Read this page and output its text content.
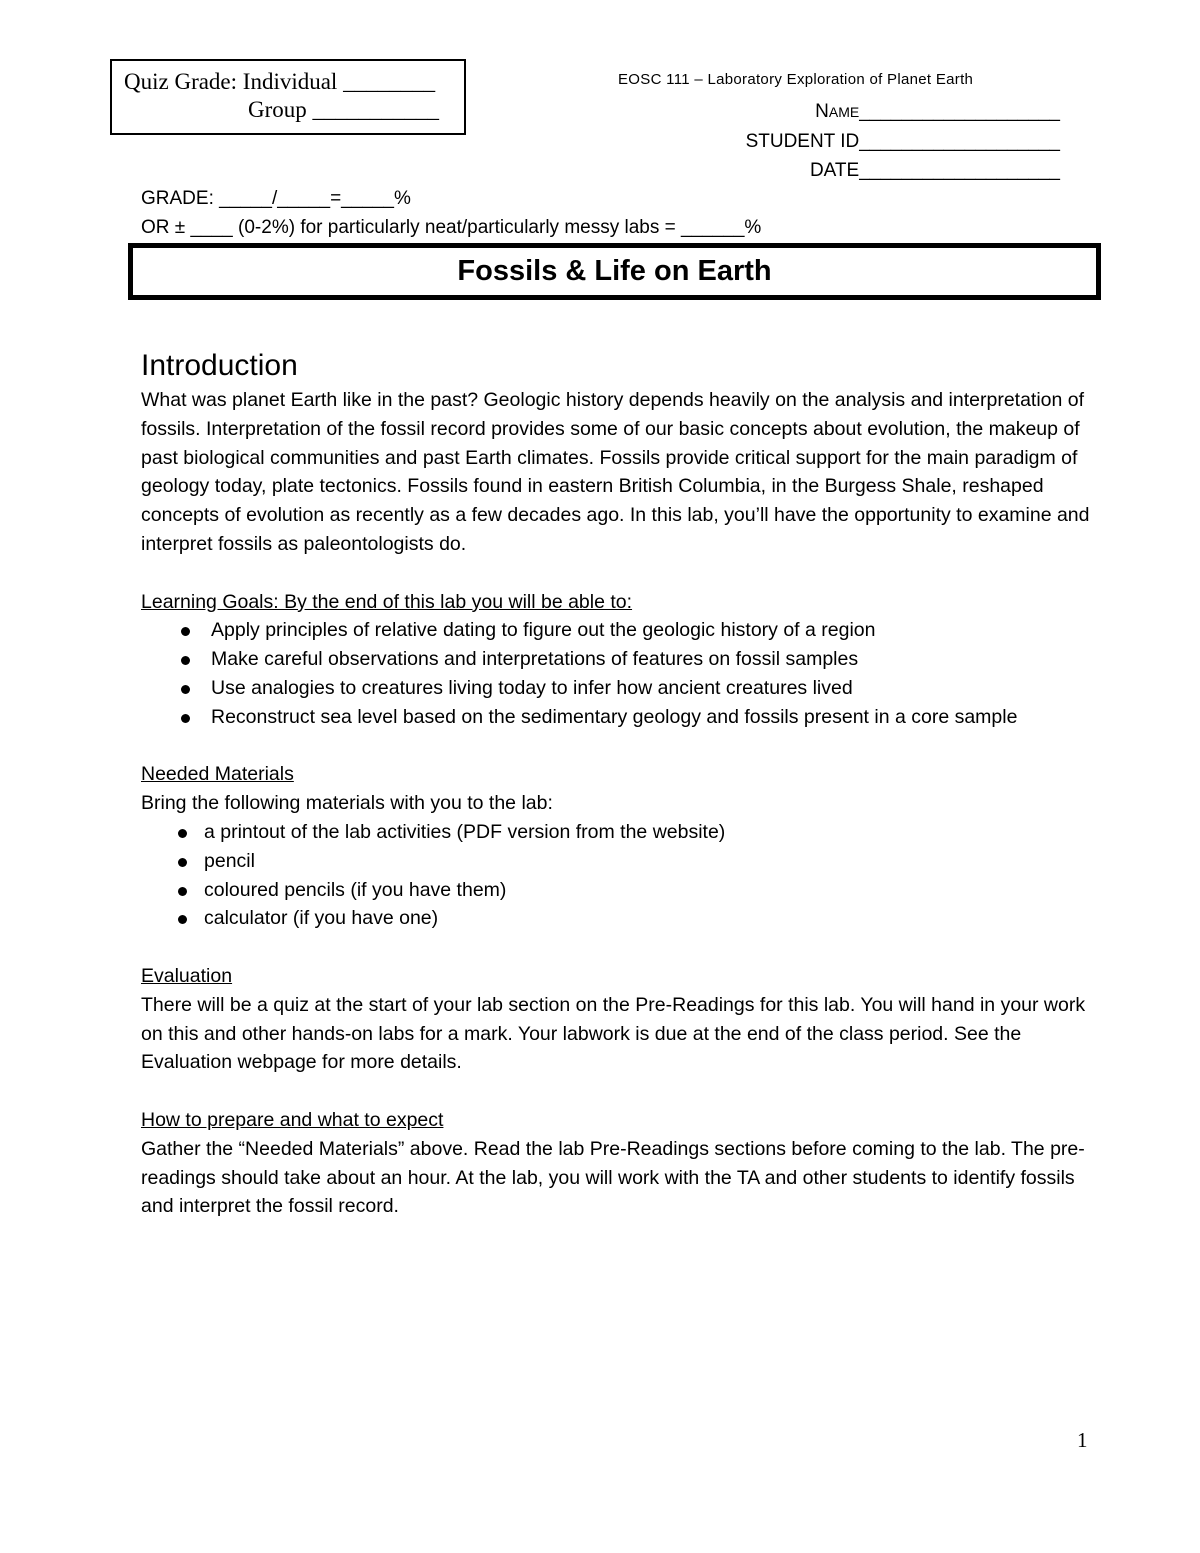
Quiz Grade: Individual ________
Group ___________
EOSC 111 – Laboratory Exploration of Planet Earth
NAME___________________
STUDENT ID___________________
DATE___________________
GRADE: _____/_____=_____%
OR ± ____ (0-2%) for particularly neat/particularly messy labs = ______%
Fossils & Life on Earth
Introduction

What was planet Earth like in the past? Geologic history depends heavily on the analysis and interpretation of fossils. Interpretation of the fossil record provides some of our basic concepts about evolution, the makeup of past biological communities and past Earth climates. Fossils provide critical support for the main paradigm of geology today, plate tectonics. Fossils found in eastern British Columbia, in the Burgess Shale, reshaped concepts of evolution as recently as a few decades ago. In this lab, you’ll have the opportunity to examine and interpret fossils as paleontologists do.

Learning Goals: By the end of this lab you will be able to:

Apply principles of relative dating to figure out the geologic history of a region
Make careful observations and interpretations of features on fossil samples
Use analogies to creatures living today to infer how ancient creatures lived
Reconstruct sea level based on the sedimentary geology and fossils present in a core sample

Needed Materials

Bring the following materials with you to the lab:

a printout of the lab activities (PDF version from the website)
pencil
coloured pencils (if you have them)
calculator (if you have one)

Evaluation

There will be a quiz at the start of your lab section on the Pre-Readings for this lab. You will hand in your work on this and other hands-on labs for a mark. Your labwork is due at the end of the class period. See the Evaluation webpage for more details.

How to prepare and what to expect

Gather the “Needed Materials” above. Read the lab Pre-Readings sections before coming to the lab. The pre-readings should take about an hour. At the lab, you will work with the TA and other students to identify fossils and interpret the fossil record.

1
